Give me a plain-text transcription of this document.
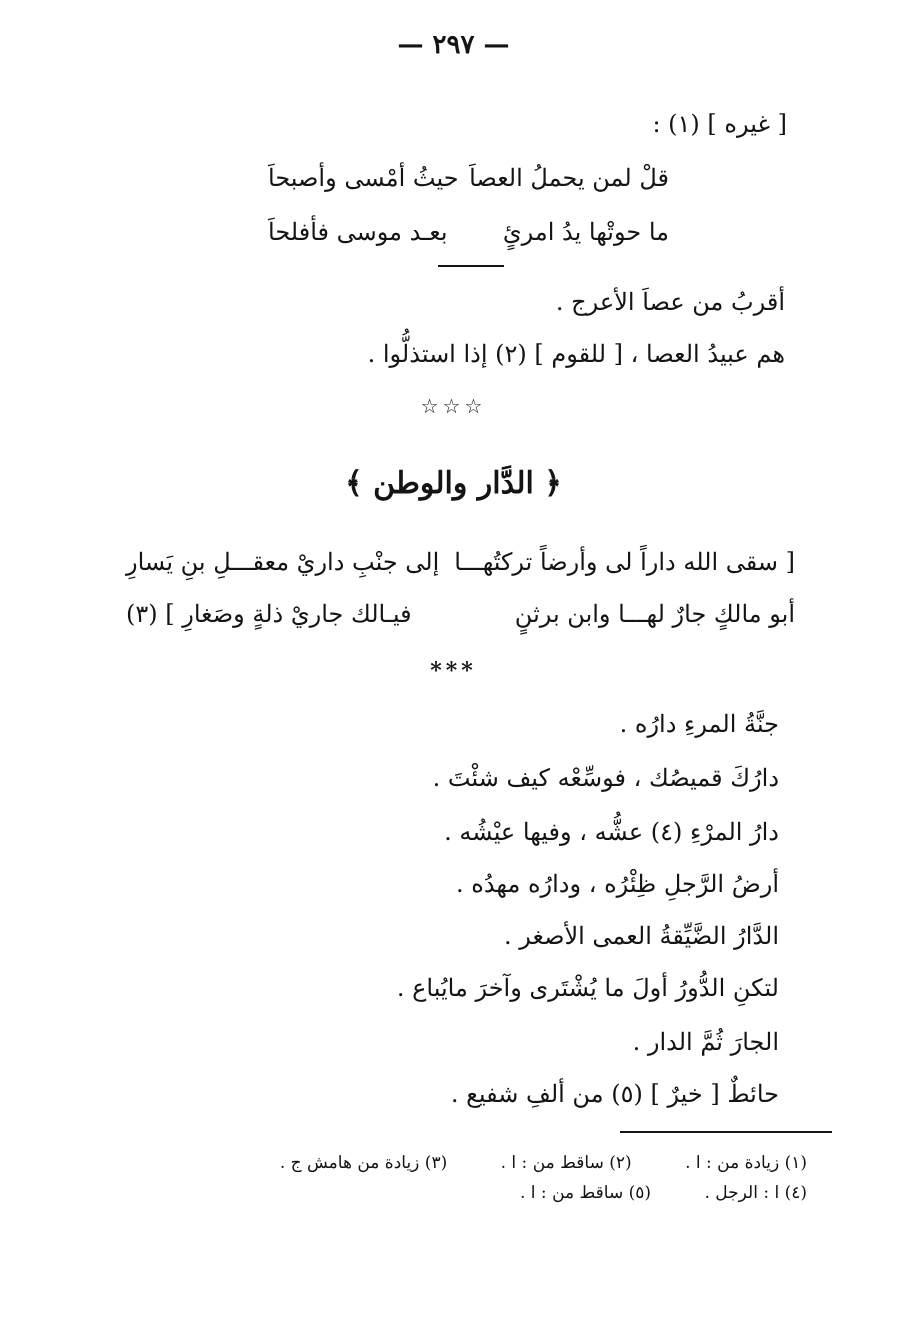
— ٢٩٧ —
[ غيره ] (١) :
قلْ لمن يحملُ العصاَ
حيثُ أمْسى وأصبحاَ
ما حوتْها يدُ امرئٍ
بعـد موسى فأفلحاَ
أقربُ من عصاَ الأعرج .
هم عبيدُ العصا ، [ للقوم ] (٢) إذا استذلُّوا .
☆☆☆
﴿ الدَّار والوطن ﴾
[ سقى الله داراً لى وأرضاً تركتُهـــا
إلى جنْبِ داريْ معقـــلِ بنِ يَسارِ
أبو مالكٍ جارٌ لهـــا وابن برثنٍ
فيـالك جاريْ ذلةٍ وصَغارِ ] (٣)
***
جنَّةُ المرءِ دارُه .
دارُكَ قميصُك ، فوسِّعْه كيف شئْتَ .
دارُ المرْءِ (٤) عشُّه ، وفيها عيْشُه .
أرضُ الرَّجلِ ظِئْرُه ، ودارُه مهدُه .
الدَّارُ الضَّيِّقةُ العمى الأصغر .
لتكنِ الدُّورُ أولَ ما يُشْتَرى وآخرَ مايُباع .
الجارَ ثُمَّ الدار .
حائطٌ [ خيرٌ ] (٥) من ألفِ شفيع .
(١) زيادة من : ا . (٢) ساقط من : ا . (٣) زيادة من هامش ج .
(٤) ا : الرجل . (٥) ساقط من : ا .
